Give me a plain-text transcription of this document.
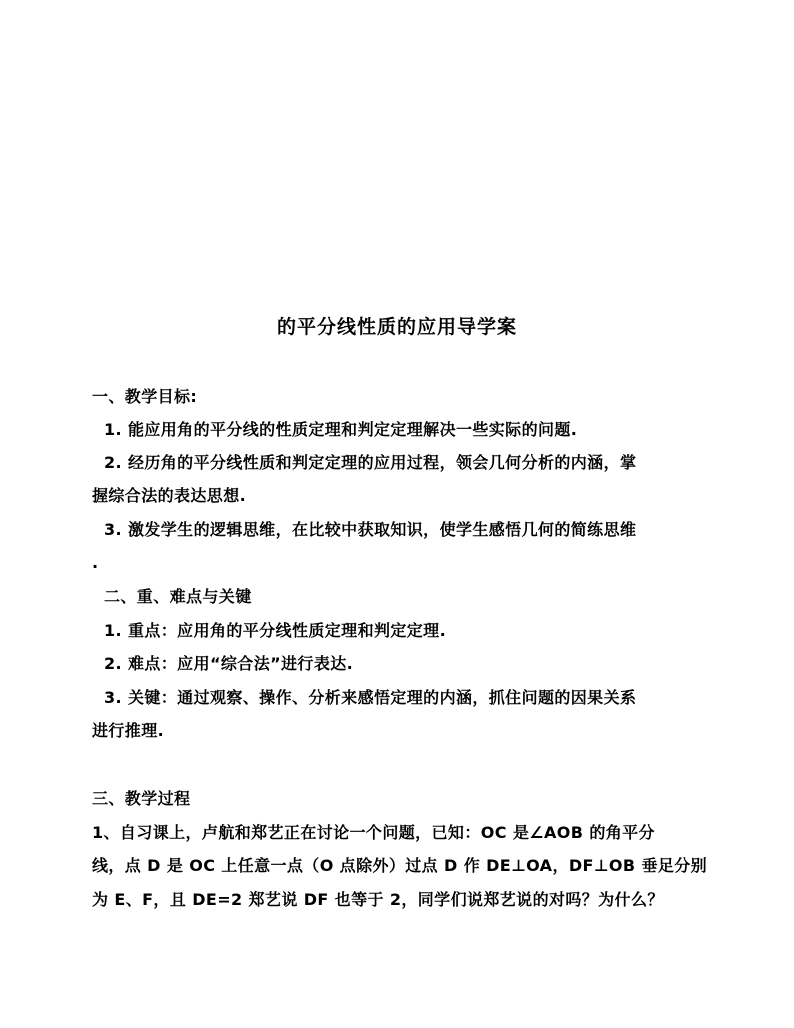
的平分线性质的应用导学案
一、教学目标:
1. 能应用角的平分线的性质定理和判定定理解决一些实际的问题.
2. 经历角的平分线性质和判定定理的应用过程，领会几何分析的内涵，掌
握综合法的表达思想.
3. 激发学生的逻辑思维，在比较中获取知识，使学生感悟几何的简练思维
.
二、重、难点与关键
1. 重点：应用角的平分线性质定理和判定定理.
2. 难点：应用“综合法”进行表达.
3. 关键：通过观察、操作、分析来感悟定理的内涵，抓住问题的因果关系
进行推理.
三、教学过程
1、自习课上，卢航和郑艺正在讨论一个问题，已知：OC 是∠AOB 的角平分
线，点 D 是 OC 上任意一点（O 点除外）过点 D 作 DE⊥OA，DF⊥OB 垂足分别
为 E、F，且 DE=2 郑艺说 DF 也等于 2，同学们说郑艺说的对吗？为什么？
